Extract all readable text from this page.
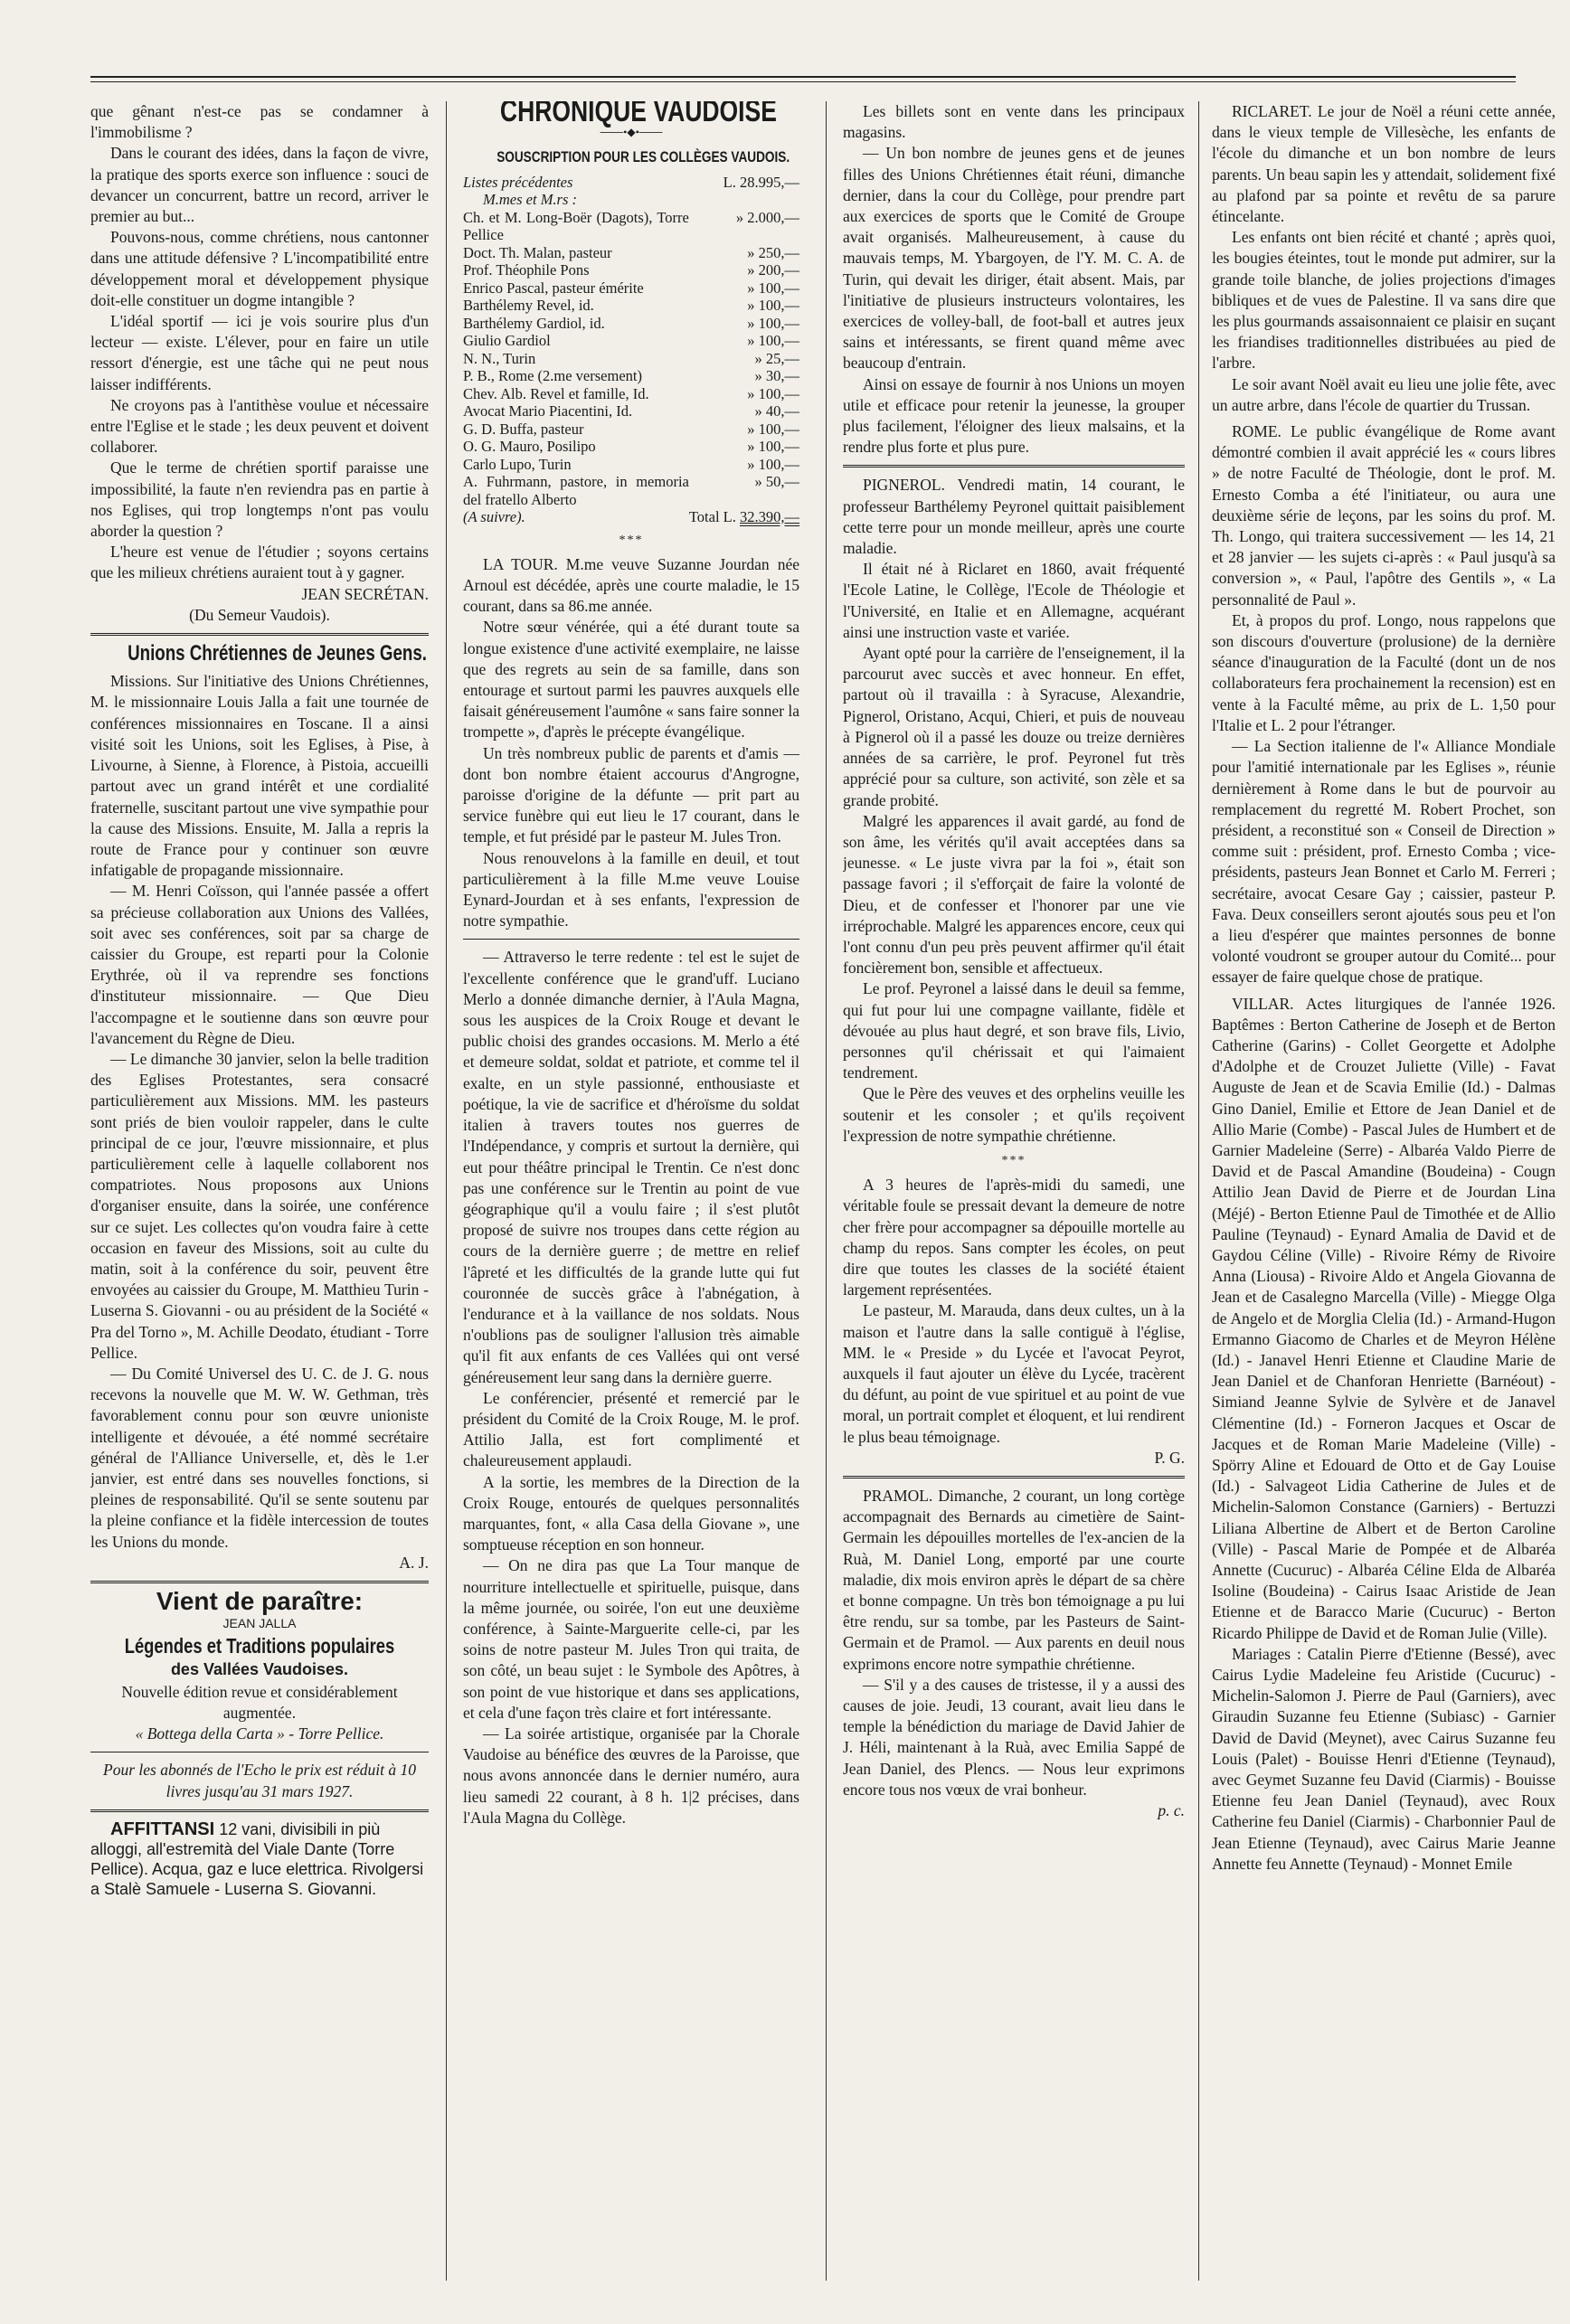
que gênant n'est-ce pas se condamner à l'immobilisme ?

Dans le courant des idées, dans la façon de vivre, la pratique des sports exerce son influence : souci de devancer un concurrent, battre un record, arriver le premier au but...

Pouvons-nous, comme chrétiens, nous cantonner dans une attitude défensive ? L'incompatibilité entre développement moral et développement physique doit-elle constituer un dogme intangible ?

L'idéal sportif — ici je vois sourire plus d'un lecteur — existe. L'élever, pour en faire un utile ressort d'énergie, est une tâche qui ne peut nous laisser indifférents.

Ne croyons pas à l'antithèse voulue et nécessaire entre l'Eglise et le stade ; les deux peuvent et doivent collaborer.

Que le terme de chrétien sportif paraisse une impossibilité, la faute n'en reviendra pas en partie à nos Eglises, qui trop longtemps n'ont pas voulu aborder la question ?

L'heure est venue de l'étudier ; soyons certains que les milieux chrétiens auraient tout à y gagner.

JEAN SECRÉTAN.

(Du Semeur Vaudois).

Unions Chrétiennes de Jeunes Gens.

Missions. Sur l'initiative des Unions Chrétiennes, M. le missionnaire Louis Jalla a fait une tournée de conférences missionnaires en Toscane. Il a ainsi visité soit les Unions, soit les Eglises, à Pise, à Livourne, à Sienne, à Florence, à Pistoia, accueilli partout avec un grand intérêt et une cordialité fraternelle, suscitant partout une vive sympathie pour la cause des Missions. Ensuite, M. Jalla a repris la route de France pour y continuer son œuvre infatigable de propagande missionnaire.

— M. Henri Coïsson, qui l'année passée a offert sa précieuse collaboration aux Unions des Vallées, soit avec ses conférences, soit par sa charge de caissier du Groupe, est reparti pour la Colonie Erythrée, où il va reprendre ses fonctions d'instituteur missionnaire. — Que Dieu l'accompagne et le soutienne dans son œuvre pour l'avancement du Règne de Dieu.

— Le dimanche 30 janvier, selon la belle tradition des Eglises Protestantes, sera consacré particulièrement aux Missions. MM. les pasteurs sont priés de bien vouloir rappeler, dans le culte principal de ce jour, l'œuvre missionnaire, et plus particulièrement celle à laquelle collaborent nos compatriotes. Nous proposons aux Unions d'organiser ensuite, dans la soirée, une conférence sur ce sujet. Les collectes qu'on voudra faire à cette occasion en faveur des Missions, soit au culte du matin, soit à la conférence du soir, peuvent être envoyées au caissier du Groupe, M. Matthieu Turin - Luserna S. Giovanni - ou au président de la Société « Pra del Torno », M. Achille Deodato, étudiant - Torre Pellice.

— Du Comité Universel des U. C. de J. G. nous recevons la nouvelle que M. W. W. Gethman, très favorablement connu pour son œuvre unioniste intelligente et dévouée, a été nommé secrétaire général de l'Alliance Universelle, et, dès le 1.er janvier, est entré dans ses nouvelles fonctions, si pleines de responsabilité. Qu'il se sente soutenu par la pleine confiance et la fidèle intercession de toutes les Unions du monde.

A. J.

Vient de paraître:
JEAN JALLA
Légendes et Traditions populaires
des Vallées Vaudoises.

Nouvelle édition revue et considérablement augmentée.

« Bottega della Carta » - Torre Pellice.

Pour les abonnés de l'Echo le prix est réduit à 10 livres jusqu'au 31 mars 1927.

AFFITTANSI 12 vani, divisibili in più alloggi, all'estremità del Viale Dante (Torre Pellice). Acqua, gaz e luce elettrica. Rivolgersi a Stalè Samuele - Luserna S. Giovanni.

CHRONIQUE VAUDOISE
───•◆•───
SOUSCRIPTION POUR LES COLLÈGES VAUDOIS.
Listes précédentes	L. 28.995,—
M.mes et M.rs :	
Ch. et M. Long-Boër (Dagots), Torre Pellice	» 2.000,—
Doct. Th. Malan, pasteur	» 250,—
Prof. Théophile Pons	» 200,—
Enrico Pascal, pasteur émérite	» 100,—
Barthélemy Revel, id.	» 100,—
Barthélemy Gardiol, id.	» 100,—
Giulio Gardiol	» 100,—
N. N., Turin	» 25,—
P. B., Rome (2.me versement)	» 30,—
Chev. Alb. Revel et famille, Id.	» 100,—
Avocat Mario Piacentini, Id.	» 40,—
G. D. Buffa, pasteur	» 100,—
O. G. Mauro, Posilipo	» 100,—
Carlo Lupo, Turin	» 100,—
A. Fuhrmann, pastore, in memoria del fratello Alberto	» 50,—
(A suivre).	Total L. 32.390,—
***

LA TOUR. M.me veuve Suzanne Jourdan née Arnoul est décédée, après une courte maladie, le 15 courant, dans sa 86.me année.

Notre sœur vénérée, qui a été durant toute sa longue existence d'une activité exemplaire, ne laisse que des regrets au sein de sa famille, dans son entourage et surtout parmi les pauvres auxquels elle faisait généreusement l'aumône « sans faire sonner la trompette », d'après le précepte évangélique.

Un très nombreux public de parents et d'amis — dont bon nombre étaient accourus d'Angrogne, paroisse d'origine de la défunte — prit part au service funèbre qui eut lieu le 17 courant, dans le temple, et fut présidé par le pasteur M. Jules Tron.

Nous renouvelons à la famille en deuil, et tout particulièrement à la fille M.me veuve Louise Eynard-Jourdan et à ses enfants, l'expression de notre sympathie.

— Attraverso le terre redente : tel est le sujet de l'excellente conférence que le grand'uff. Luciano Merlo a donnée dimanche dernier, à l'Aula Magna, sous les auspices de la Croix Rouge et devant le public choisi des grandes occasions. M. Merlo a été et demeure soldat, soldat et patriote, et comme tel il exalte, en un style passionné, enthousiaste et poétique, la vie de sacrifice et d'héroïsme du soldat italien à travers toutes nos guerres de l'Indépendance, y compris et surtout la dernière, qui eut pour théâtre principal le Trentin. Ce n'est donc pas une conférence sur le Trentin au point de vue géographique qu'il a voulu faire ; il s'est plutôt proposé de suivre nos troupes dans cette région au cours de la dernière guerre ; de mettre en relief l'âpreté et les difficultés de la grande lutte qui fut couronnée de succès grâce à l'abnégation, à l'endurance et à la vaillance de nos soldats. Nous n'oublions pas de souligner l'allusion très aimable qu'il fit aux enfants de ces Vallées qui ont versé généreusement leur sang dans la dernière guerre.

Le conférencier, présenté et remercié par le président du Comité de la Croix Rouge, M. le prof. Attilio Jalla, est fort complimenté et chaleureusement applaudi.

A la sortie, les membres de la Direction de la Croix Rouge, entourés de quelques personnalités marquantes, font, « alla Casa della Giovane », une somptueuse réception en son honneur.

— On ne dira pas que La Tour manque de nourriture intellectuelle et spirituelle, puisque, dans la même journée, ou soirée, l'on eut une deuxième conférence, à Sainte-Marguerite celle-ci, par les soins de notre pasteur M. Jules Tron qui traita, de son côté, un beau sujet : le Symbole des Apôtres, à son point de vue historique et dans ses applications, et cela d'une façon très claire et fort intéressante.

— La soirée artistique, organisée par la Chorale Vaudoise au bénéfice des œuvres de la Paroisse, que nous avons annoncée dans le dernier numéro, aura lieu samedi 22 courant, à 8 h. 1|2 précises, dans l'Aula Magna du Collège.

Les billets sont en vente dans les principaux magasins.

— Un bon nombre de jeunes gens et de jeunes filles des Unions Chrétiennes était réuni, dimanche dernier, dans la cour du Collège, pour prendre part aux exercices de sports que le Comité de Groupe avait organisés. Malheureusement, à cause du mauvais temps, M. Ybargoyen, de l'Y. M. C. A. de Turin, qui devait les diriger, était absent. Mais, par l'initiative de plusieurs instructeurs volontaires, les exercices de volley-ball, de foot-ball et autres jeux sains et intéressants, se firent quand même avec beaucoup d'entrain.

Ainsi on essaye de fournir à nos Unions un moyen utile et efficace pour retenir la jeunesse, la grouper plus facilement, l'éloigner des lieux malsains, et la rendre plus forte et plus pure.

PIGNEROL. Vendredi matin, 14 courant, le professeur Barthélemy Peyronel quittait paisiblement cette terre pour un monde meilleur, après une courte maladie.

Il était né à Riclaret en 1860, avait fréquenté l'Ecole Latine, le Collège, l'Ecole de Théologie et l'Université, en Italie et en Allemagne, acquérant ainsi une instruction vaste et variée.

Ayant opté pour la carrière de l'enseignement, il la parcourut avec succès et avec honneur. En effet, partout où il travailla : à Syracuse, Alexandrie, Pignerol, Oristano, Acqui, Chieri, et puis de nouveau à Pignerol où il a passé les douze ou treize dernières années de sa carrière, le prof. Peyronel fut très apprécié pour sa culture, son activité, son zèle et sa grande probité.

Malgré les apparences il avait gardé, au fond de son âme, les vérités qu'il avait acceptées dans sa jeunesse. « Le juste vivra par la foi », était son passage favori ; il s'efforçait de faire la volonté de Dieu, et de confesser et l'honorer par une vie irréprochable. Malgré les apparences encore, ceux qui l'ont connu d'un peu près peuvent affirmer qu'il était foncièrement bon, sensible et affectueux.

Le prof. Peyronel a laissé dans le deuil sa femme, qui fut pour lui une compagne vaillante, fidèle et dévouée au plus haut degré, et son brave fils, Livio, personnes qu'il chérissait et qui l'aimaient tendrement.

Que le Père des veuves et des orphelins veuille les soutenir et les consoler ; et qu'ils reçoivent l'expression de notre sympathie chrétienne.

***

A 3 heures de l'après-midi du samedi, une véritable foule se pressait devant la demeure de notre cher frère pour accompagner sa dépouille mortelle au champ du repos. Sans compter les écoles, on peut dire que toutes les classes de la société étaient largement représentées.

Le pasteur, M. Marauda, dans deux cultes, un à la maison et l'autre dans la salle contiguë à l'église, MM. le « Preside » du Lycée et l'avocat Peyrot, auxquels il faut ajouter un élève du Lycée, tracèrent du défunt, au point de vue spirituel et au point de vue moral, un portrait complet et éloquent, et lui rendirent le plus beau témoignage.

P. G.

PRAMOL. Dimanche, 2 courant, un long cortège accompagnait des Bernards au cimetière de Saint-Germain les dépouilles mortelles de l'ex-ancien de la Ruà, M. Daniel Long, emporté par une courte maladie, dix mois environ après le départ de sa chère et bonne compagne. Un très bon témoignage a pu lui être rendu, sur sa tombe, par les Pasteurs de Saint-Germain et de Pramol. — Aux parents en deuil nous exprimons encore notre sympathie chrétienne.

— S'il y a des causes de tristesse, il y a aussi des causes de joie. Jeudi, 13 courant, avait lieu dans le temple la bénédiction du mariage de David Jahier de J. Héli, maintenant à la Ruà, avec Emilia Sappé de Jean Daniel, des Plencs. — Nous leur exprimons encore tous nos vœux de vrai bonheur.

p. c.

RICLARET. Le jour de Noël a réuni cette année, dans le vieux temple de Villesèche, les enfants de l'école du dimanche et un bon nombre de leurs parents. Un beau sapin les y attendait, solidement fixé au plafond par sa pointe et revêtu de sa parure étincelante.

Les enfants ont bien récité et chanté ; après quoi, les bougies éteintes, tout le monde put admirer, sur la grande toile blanche, de jolies projections d'images bibliques et de vues de Palestine. Il va sans dire que les plus gourmands assaisonnaient ce plaisir en suçant les friandises traditionnelles distribuées au pied de l'arbre.

Le soir avant Noël avait eu lieu une jolie fête, avec un autre arbre, dans l'école de quartier du Trussan.

ROME. Le public évangélique de Rome avant démontré combien il avait apprécié les « cours libres » de notre Faculté de Théologie, dont le prof. M. Ernesto Comba a été l'initiateur, ou aura une deuxième série de leçons, par les soins du prof. M. Th. Longo, qui traitera successivement — les 14, 21 et 28 janvier — les sujets ci-après : « Paul jusqu'à sa conversion », « Paul, l'apôtre des Gentils », « La personnalité de Paul ».

Et, à propos du prof. Longo, nous rappelons que son discours d'ouverture (prolusione) de la dernière séance d'inauguration de la Faculté (dont un de nos collaborateurs fera prochainement la recension) est en vente à la Faculté même, au prix de L. 1,50 pour l'Italie et L. 2 pour l'étranger.

— La Section italienne de l'« Alliance Mondiale pour l'amitié internationale par les Eglises », réunie dernièrement à Rome dans le but de pourvoir au remplacement du regretté M. Robert Prochet, son président, a reconstitué son « Conseil de Direction » comme suit : président, prof. Ernesto Comba ; vice-présidents, pasteurs Jean Bonnet et Carlo M. Ferreri ; secrétaire, avocat Cesare Gay ; caissier, pasteur P. Fava. Deux conseillers seront ajoutés sous peu et l'on a lieu d'espérer que maintes personnes de bonne volonté voudront se grouper autour du Comité... pour essayer de faire quelque chose de pratique.

VILLAR. Actes liturgiques de l'année 1926. Baptêmes : Berton Catherine de Joseph et de Berton Catherine (Garins) - Collet Georgette et Adolphe d'Adolphe et de Crouzet Juliette (Ville) - Favat Auguste de Jean et de Scavia Emilie (Id.) - Dalmas Gino Daniel, Emilie et Ettore de Jean Daniel et de Allio Marie (Combe) - Pascal Jules de Humbert et de Garnier Madeleine (Serre) - Albaréa Valdo Pierre de David et de Pascal Amandine (Boudeina) - Cougn Attilio Jean David de Pierre et de Jourdan Lina (Méjé) - Berton Etienne Paul de Timothée et de Allio Pauline (Teynaud) - Eynard Amalia de David et de Gaydou Céline (Ville) - Rivoire Rémy de Rivoire Anna (Liousa) - Rivoire Aldo et Angela Giovanna de Jean et de Casalegno Marcella (Ville) - Miegge Olga de Angelo et de Morglia Clelia (Id.) - Armand-Hugon Ermanno Giacomo de Charles et de Meyron Hélène (Id.) - Janavel Henri Etienne et Claudine Marie de Jean Daniel et de Chanforan Henriette (Barnéout) - Simiand Jeanne Sylvie de Sylvère et de Janavel Clémentine (Id.) - Forneron Jacques et Oscar de Jacques et de Roman Marie Madeleine (Ville) - Spörry Aline et Edouard de Otto et de Gay Louise (Id.) - Salvageot Lidia Catherine de Jules et de Michelin-Salomon Constance (Garniers) - Bertuzzi Liliana Albertine de Albert et de Berton Caroline (Ville) - Pascal Marie de Pompée et de Albaréa Annette (Cucuruc) - Albaréa Céline Elda de Albaréa Isoline (Boudeina) - Cairus Isaac Aristide de Jean Etienne et de Baracco Marie (Cucuruc) - Berton Ricardo Philippe de David et de Roman Julie (Ville).

Mariages : Catalin Pierre d'Etienne (Bessé), avec Cairus Lydie Madeleine feu Aristide (Cucuruc) - Michelin-Salomon J. Pierre de Paul (Garniers), avec Giraudin Suzanne feu Etienne (Subiasc) - Garnier David de David (Meynet), avec Cairus Suzanne feu Louis (Palet) - Bouisse Henri d'Etienne (Teynaud), avec Geymet Suzanne feu David (Ciarmis) - Bouisse Etienne feu Jean Daniel (Teynaud), avec Roux Catherine feu Daniel (Ciarmis) - Charbonnier Paul de Jean Etienne (Teynaud), avec Cairus Marie Jeanne Annette feu Annette (Teynaud) - Monnet Emile
